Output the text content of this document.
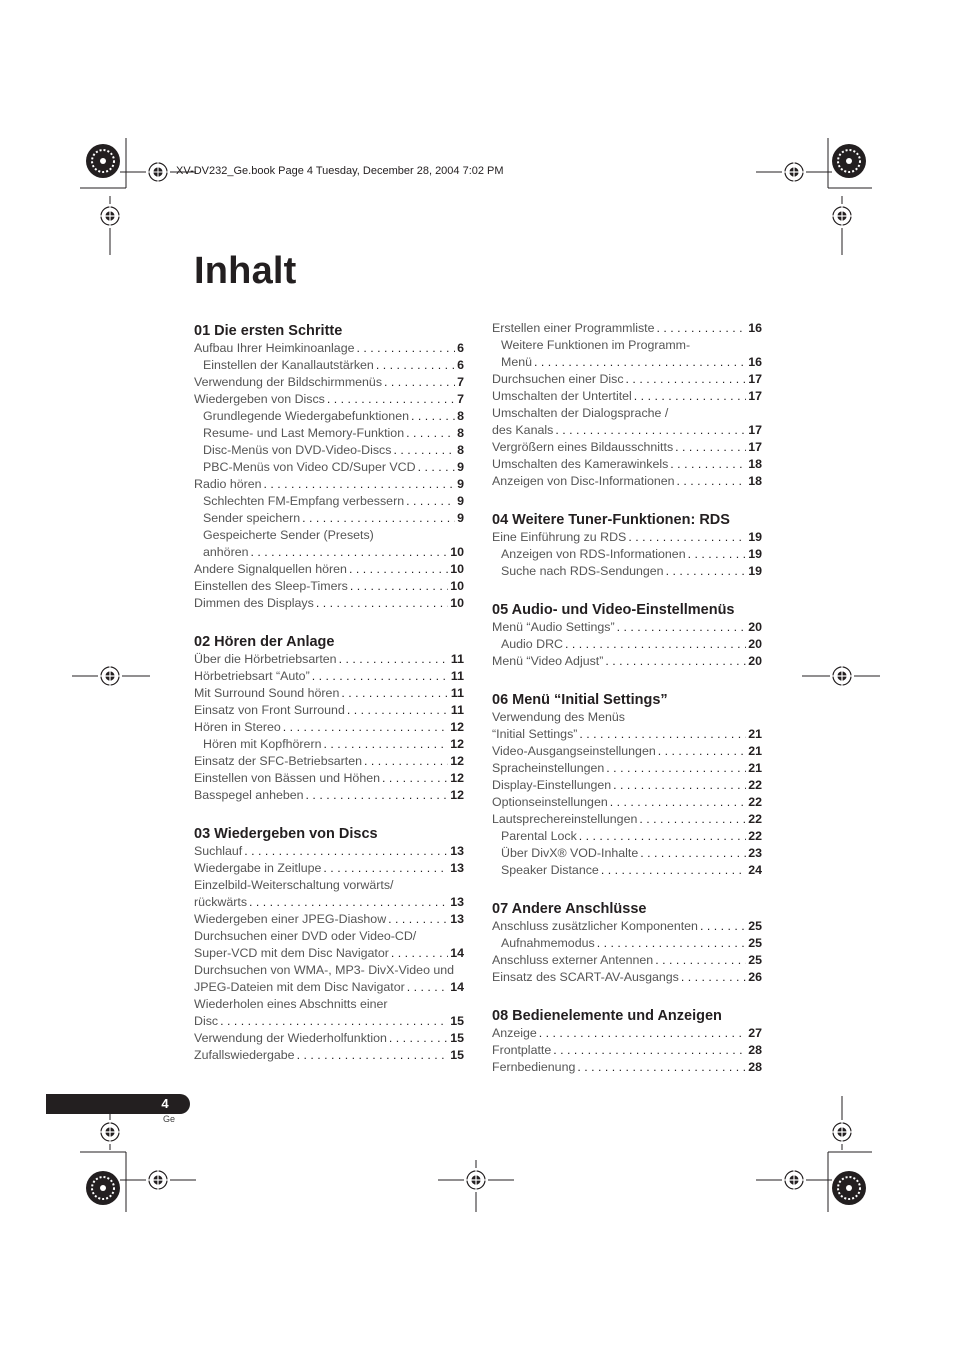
XV-DV232_Ge.book Page 4 Tuesday, December 28, 2004 7:02 PM
Inhalt
01 Die ersten Schritte
Aufbau Ihrer Heimkinoanlage . . .	6
Einstellen der Kanallautstärken . . .	6
Verwendung der Bildschirmmenüs . . .	7
Wiedergeben von Discs . . .	7
Grundlegende Wiedergabefunktionen . . .	8
Resume- und Last Memory-Funktion . . .	8
Disc-Menüs von DVD-Video-Discs . . .	8
PBC-Menüs von Video CD/Super VCD . . .	9
Radio hören . . .	9
Schlechten FM-Empfang verbessern . . .	9
Sender speichern . . .	9
Gespeicherte Sender (Presets)
anhören . . .	10
Andere Signalquellen hören . . .	10
Einstellen des Sleep-Timers . . .	10
Dimmen des Displays . . .	10
02 Hören der Anlage
Über die Hörbetriebsarten . . .	11
Hörbetriebsart “Auto” . . .	11
Mit Surround Sound hören . . .	11
Einsatz von Front Surround . . .	11
Hören in Stereo . . .	12
Hören mit Kopfhörern . . .	12
Einsatz der SFC-Betriebsarten . . .	12
Einstellen von Bässen und Höhen . . .	12
Basspegel anheben . . .	12
03 Wiedergeben von Discs
Suchlauf . . .	13
Wiedergabe in Zeitlupe . . .	13
Einzelbild-Weiterschaltung vorwärts/
rückwärts . . .	13
Wiedergeben einer JPEG-Diashow . . .	13
Durchsuchen einer DVD oder Video-CD/
Super-VCD mit dem Disc Navigator . . .	14
Durchsuchen von WMA-, MP3- DivX-Video und
JPEG-Dateien mit dem Disc Navigator . . .	14
Wiederholen eines Abschnitts einer
Disc . . .	15
Verwendung der Wiederholfunktion . . .	15
Zufallswiedergabe . . .	15
Erstellen einer Programmliste . . .	16
Weitere Funktionen im Programm-
Menü . . .	16
Durchsuchen einer Disc . . .	17
Umschalten der Untertitel . . .	17
Umschalten der Dialogsprache /
des Kanals . . .	17
Vergrößern eines Bildausschnitts . . .	17
Umschalten des Kamerawinkels . . .	18
Anzeigen von Disc-Informationen . . .	18
04 Weitere Tuner-Funktionen: RDS
Eine Einführung zu RDS . . .	19
Anzeigen von RDS-Informationen . . .	19
Suche nach RDS-Sendungen . . .	19
05 Audio- und Video-Einstellmenüs
Menü “Audio Settings” . . .	20
Audio DRC . . .	20
Menü “Video Adjust” . . .	20
06 Menü “Initial Settings”
Verwendung des Menüs
“Initial Settings” . . .	21
Video-Ausgangseinstellungen . . .	21
Spracheinstellungen . . .	21
Display-Einstellungen . . .	22
Optionseinstellungen . . .	22
Lautsprechereinstellungen . . .	22
Parental Lock . . .	22
Über DivX® VOD-Inhalte . . .	23
Speaker Distance . . .	24
07 Andere Anschlüsse
Anschluss zusätzlicher Komponenten . . .	25
Aufnahmemodus . . .	25
Anschluss externer Antennen . . .	25
Einsatz des SCART-AV-Ausgangs . . .	26
08 Bedienelemente und Anzeigen
Anzeige . . .	27
Frontplatte . . .	28
Fernbedienung . . .	28
4
Ge
